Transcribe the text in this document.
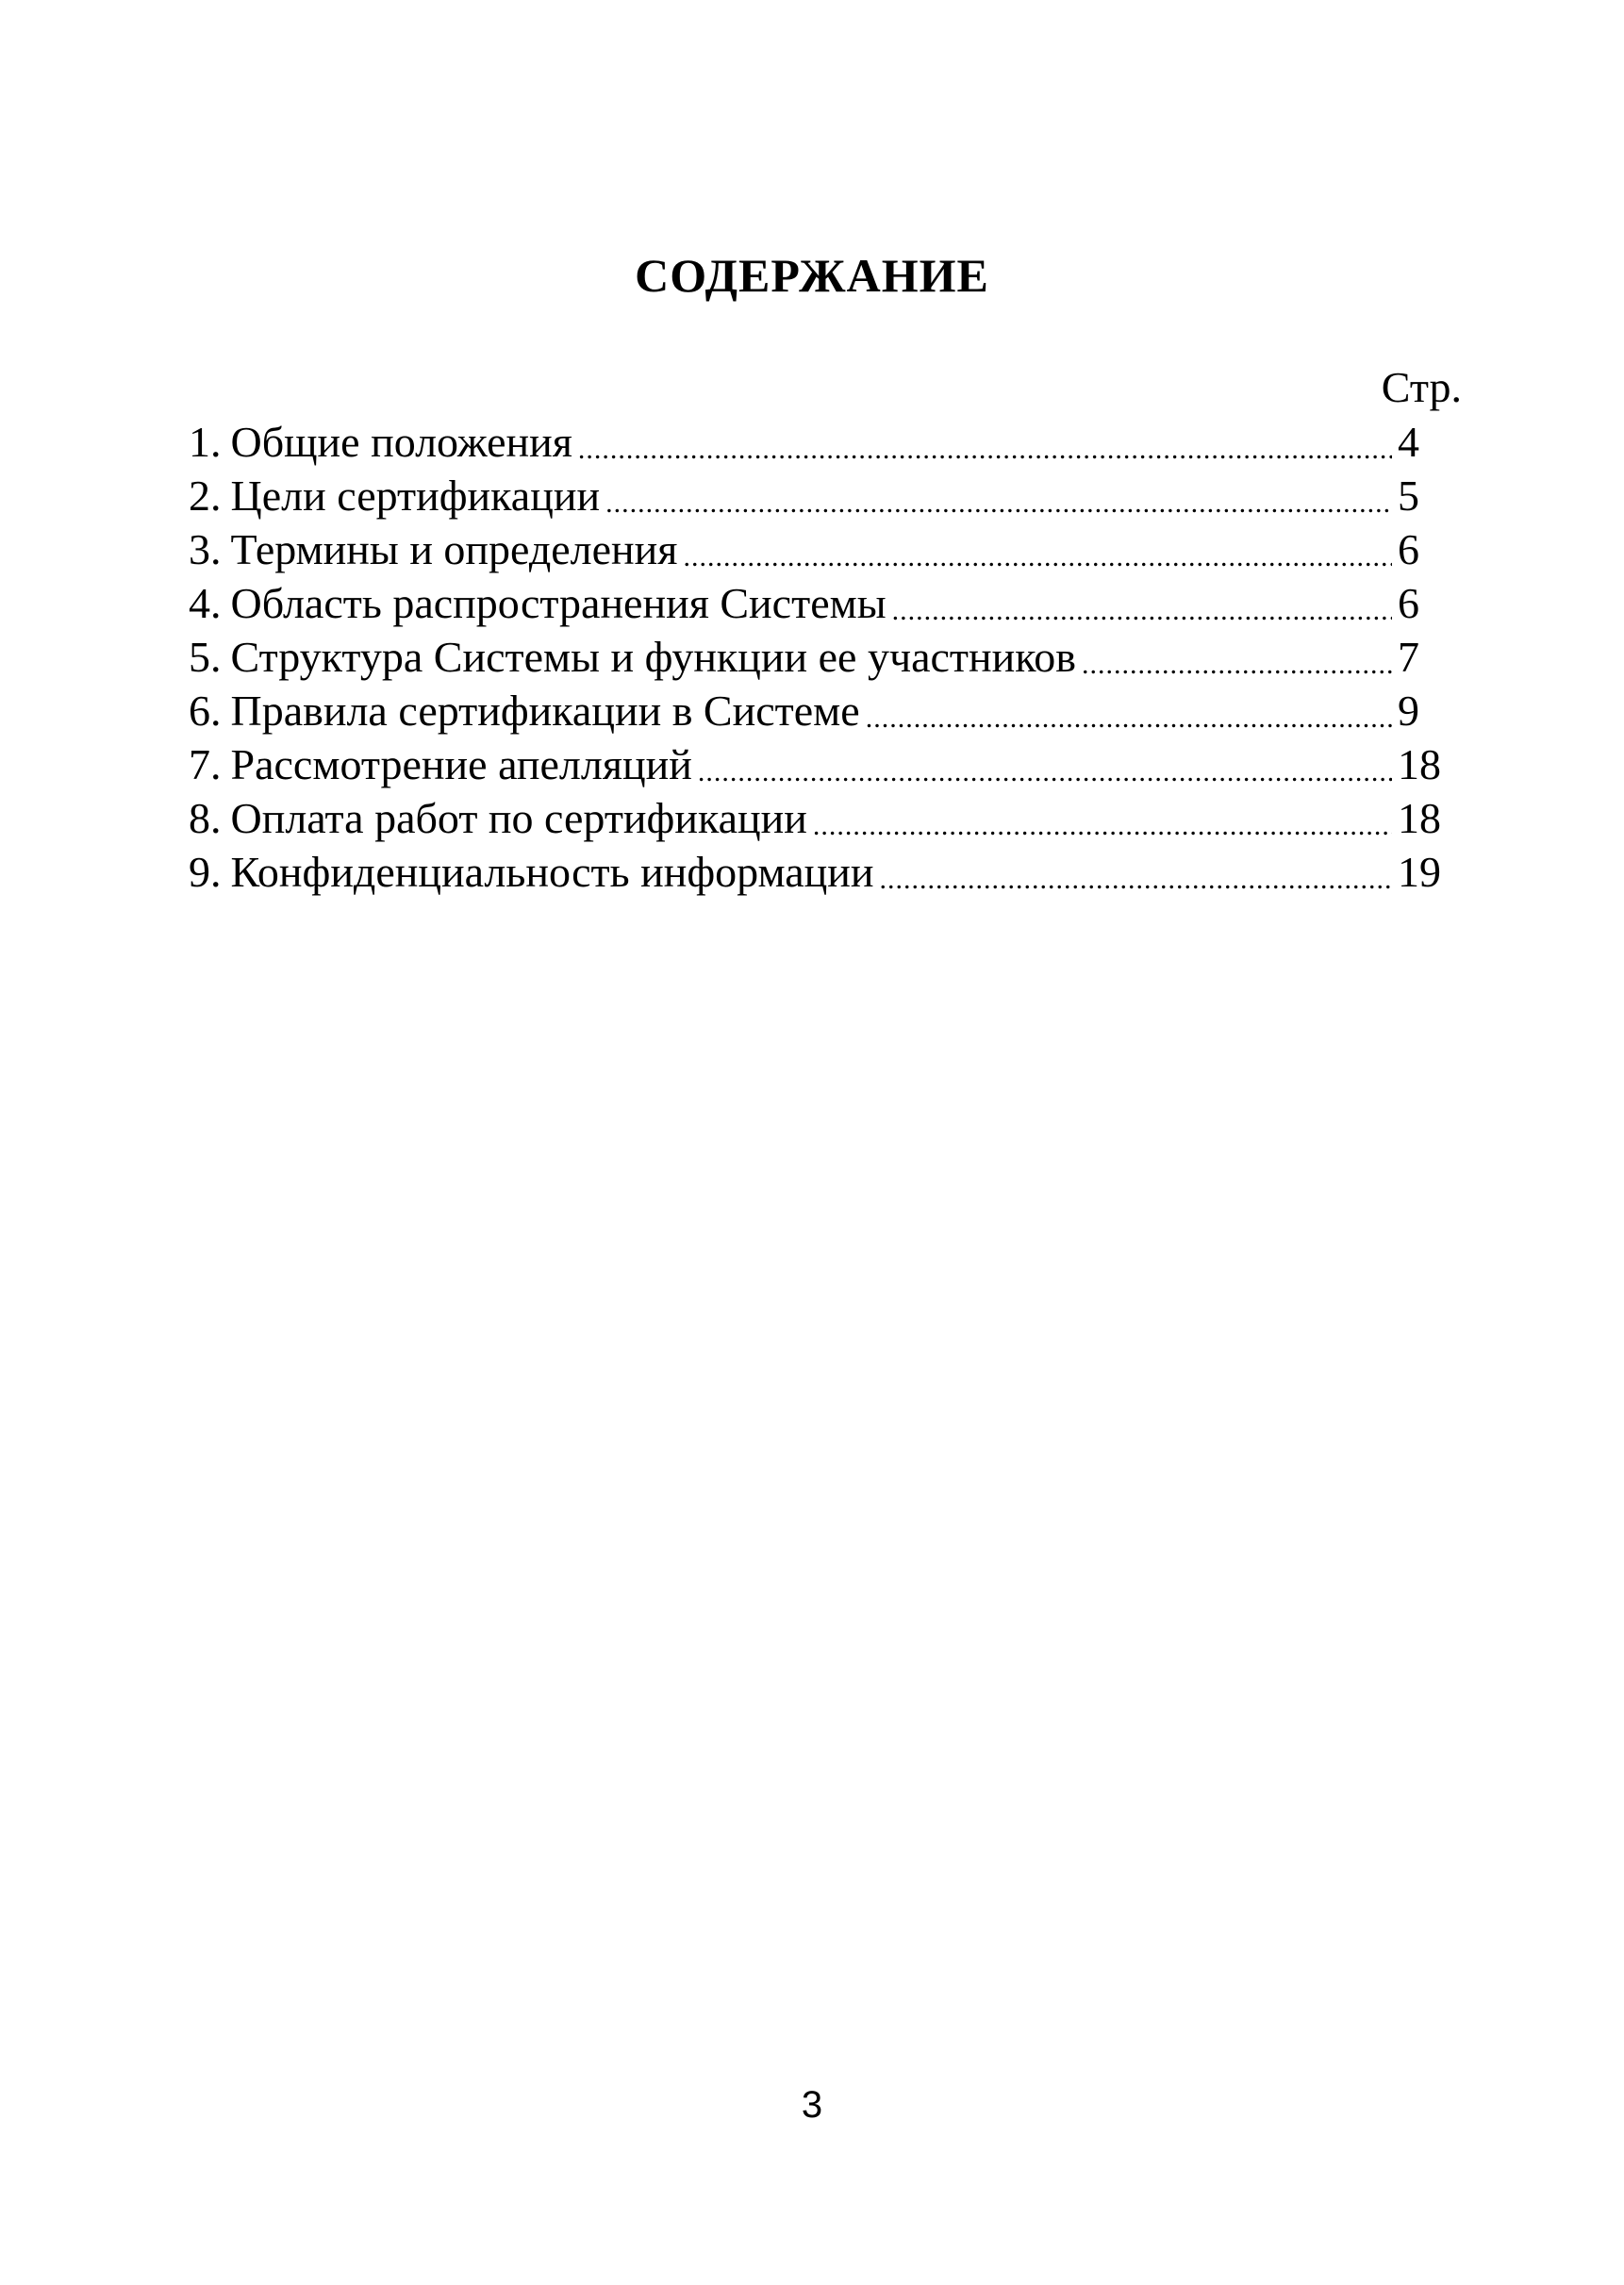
СОДЕРЖАНИЕ
Стр.
1. Общие положения .....	4
2. Цели сертификации .....	5
3. Термины и определения .....	6
4. Область распространения Системы .....	6
5. Структура Системы и функции ее участников .....	7
6. Правила сертификации в Системе .....	9
7. Рассмотрение апелляций .....	18
8. Оплата работ по сертификации .....	18
9. Конфиденциальность информации .....	19
3
